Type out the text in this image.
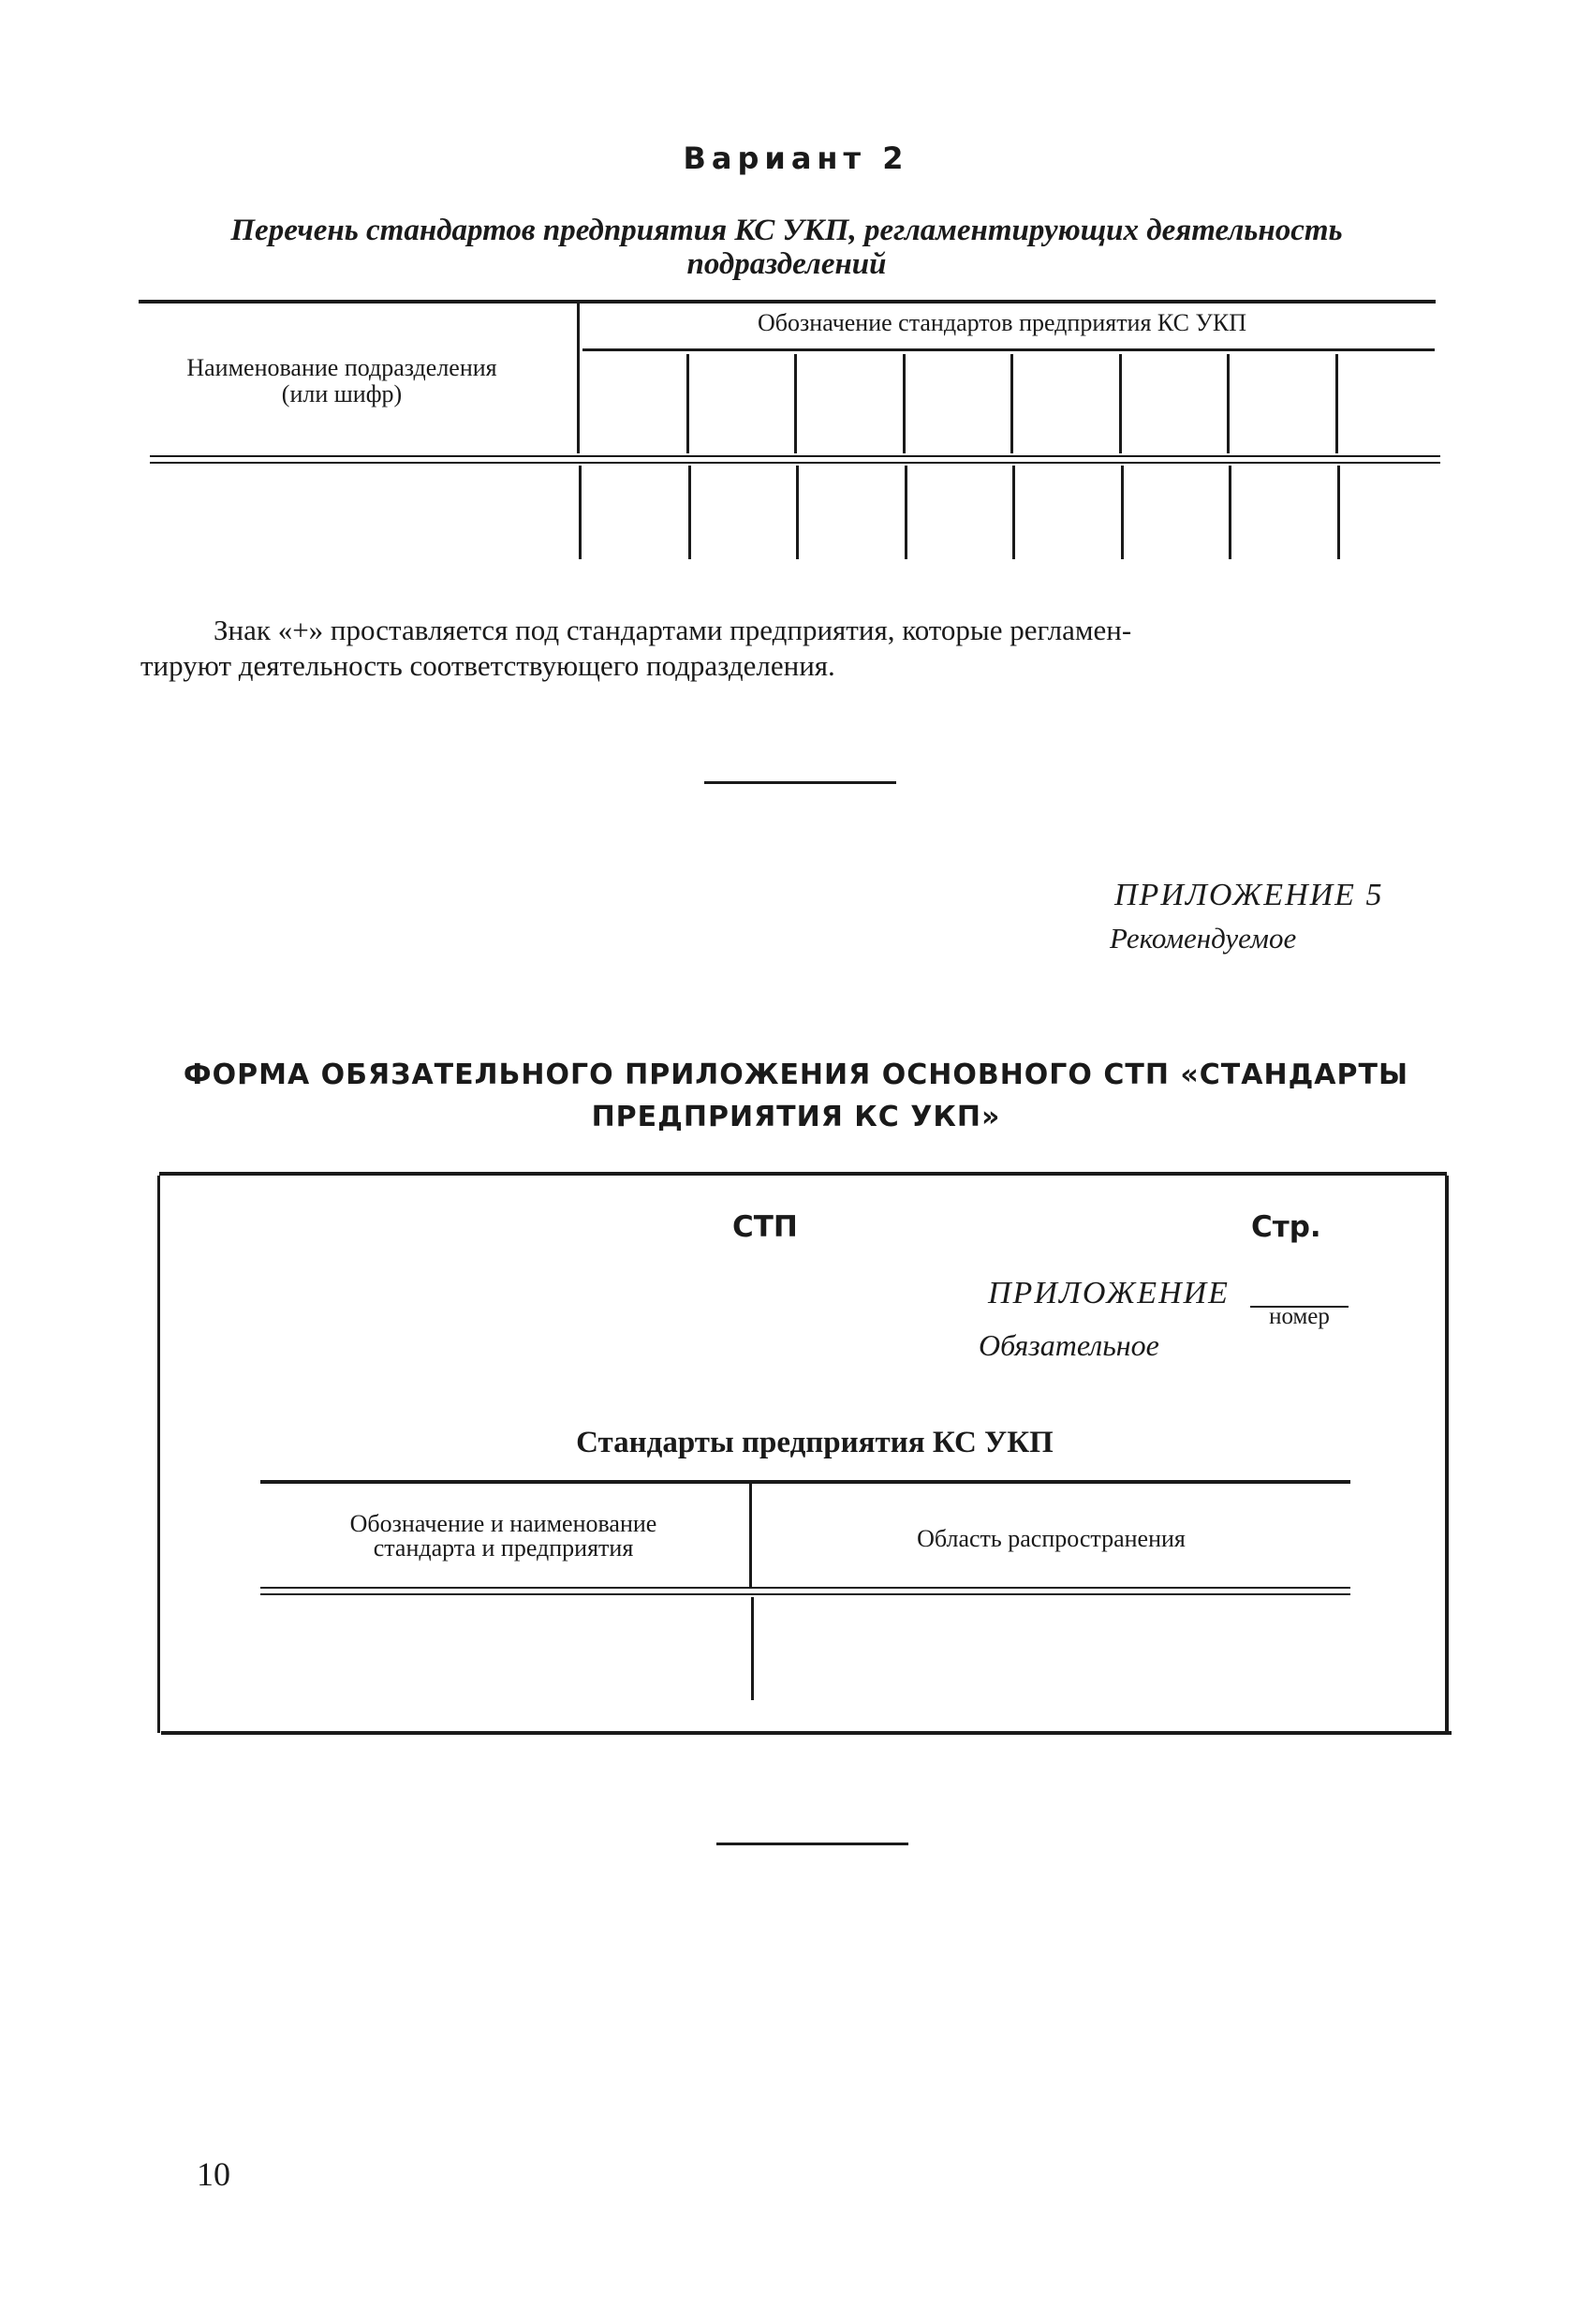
Вариант 2
Перечень стандартов предприятия КС УКП, регламентирующих деятельность
подразделений
Наименование подразделения
(или шифр)
Обозначение стандартов предприятия КС УКП
Знак «+» проставляется под стандартами предприятия, которые регламен-
тируют деятельность соответствующего подразделения.
ПРИЛОЖЕНИЕ 5
Рекомендуемое
ФОРМА ОБЯЗАТЕЛЬНОГО ПРИЛОЖЕНИЯ ОСНОВНОГО СТП «СТАНДАРТЫ
ПРЕДПРИЯТИЯ КС УКП»
СТП	Стр.
ПРИЛОЖЕНИЕ
номер
Обязательное
Стандарты предприятия КС УКП
Обозначение и наименование
стандарта и предприятия	Область распространения
10
